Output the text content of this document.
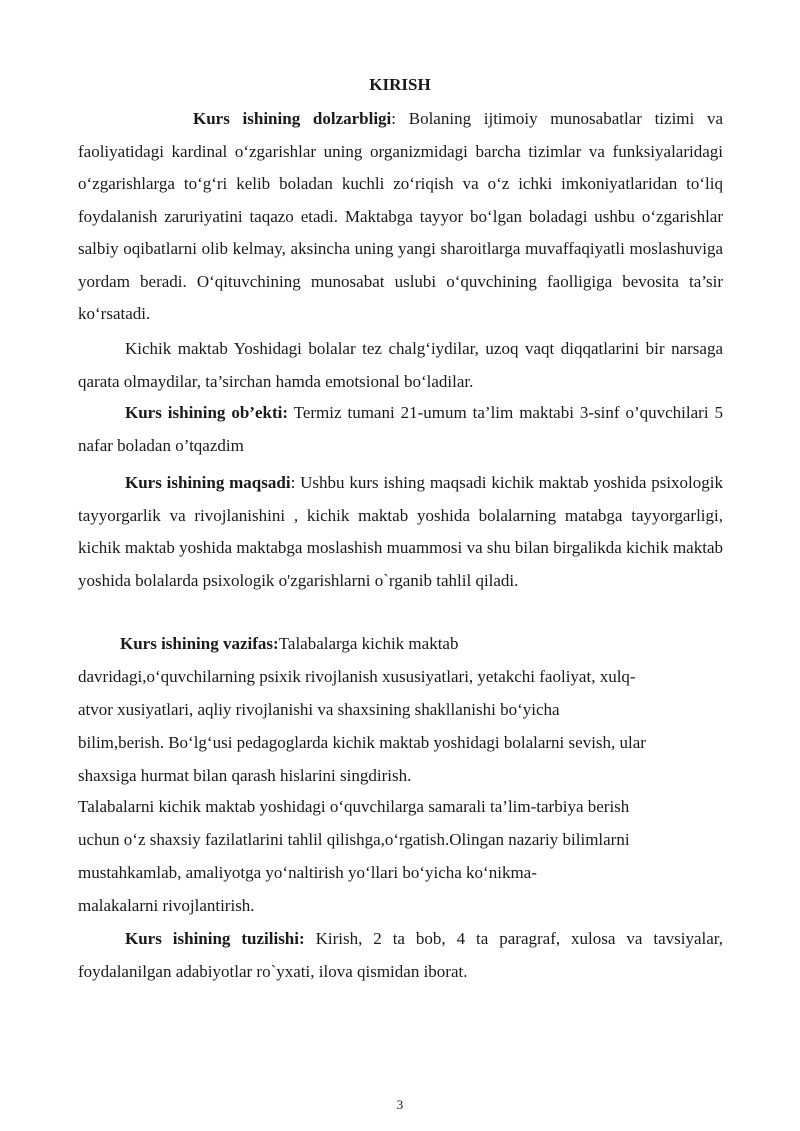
KIRISH
Kurs ishining dolzarbligi: Bolaning ijtimoiy munosabatlar tizimi va faoliyatidagi kardinal o‘zgarishlar uning organizmidagi barcha tizimlar va funksiyalaridagi o‘zgarishlarga to‘g‘ri kelib boladan kuchli zo‘riqish va o‘z ichki imkoniyatlaridan to‘liq foydalanish zaruriyatini taqazo etadi. Maktabga tayyor bo‘lgan boladagi ushbu o‘zgarishlar salbiy oqibatlarni olib kelmay, aksincha uning yangi sharoitlarga muvaffaqiyatli moslashuviga yordam beradi. O‘qituvchining munosabat uslubi o‘quvchining faolligiga bevosita ta’sir ko‘rsatadi.
Kichik maktab Yoshidagi bolalar tez chalg‘iydilar, uzoq vaqt diqqatlarini bir narsaga qarata olmaydilar, ta’sirchan hamda emotsional bo‘ladilar.
Kurs ishining ob’ekti: Termiz tumani 21-umum ta’lim maktabi 3-sinf o’quvchilari 5 nafar boladan o’tqazdim
Kurs ishining maqsadi: Ushbu kurs ishing maqsadi kichik maktab yoshida psixologik tayyorgarlik va rivojlanishini , kichik maktab yoshida bolalarning matabga tayyorgarligi, kichik maktab yoshida maktabga moslashish muammosi va shu bilan birgalikda kichik maktab yoshida bolalarda psixologik o'zgarishlarni o`rganib tahlil qiladi.
Kurs ishining vazifas:Talabalarga kichik maktab
davridagi,o‘quvchilarning psixik rivojlanish xususiyatlari, yetakchi faoliyat, xulq-
atvor xusiyatlari, aqliy rivojlanishi va shaxsining shakllanishi bo‘yicha
bilim,berish. Bo‘lg‘usi pedagoglarda kichik maktab yoshidagi bolalarni sevish, ular
shaxsiga hurmat bilan qarash hislarini singdirish.
Talabalarni kichik maktab yoshidagi o‘quvchilarga samarali ta’lim-tarbiya berish
uchun o‘z shaxsiy fazilatlarini tahlil qilishga,o‘rgatish.Olingan nazariy bilimlarni
mustahkamlab, amaliyotga yo‘naltirish yo‘llari bo‘yicha ko‘nikma-
malakalarni rivojlantirish.
Kurs ishining tuzilishi: Kirish, 2 ta bob, 4 ta paragraf, xulosa va tavsiyalar, foydalanilgan adabiyotlar ro`yxati, ilova qismidan iborat.
3
